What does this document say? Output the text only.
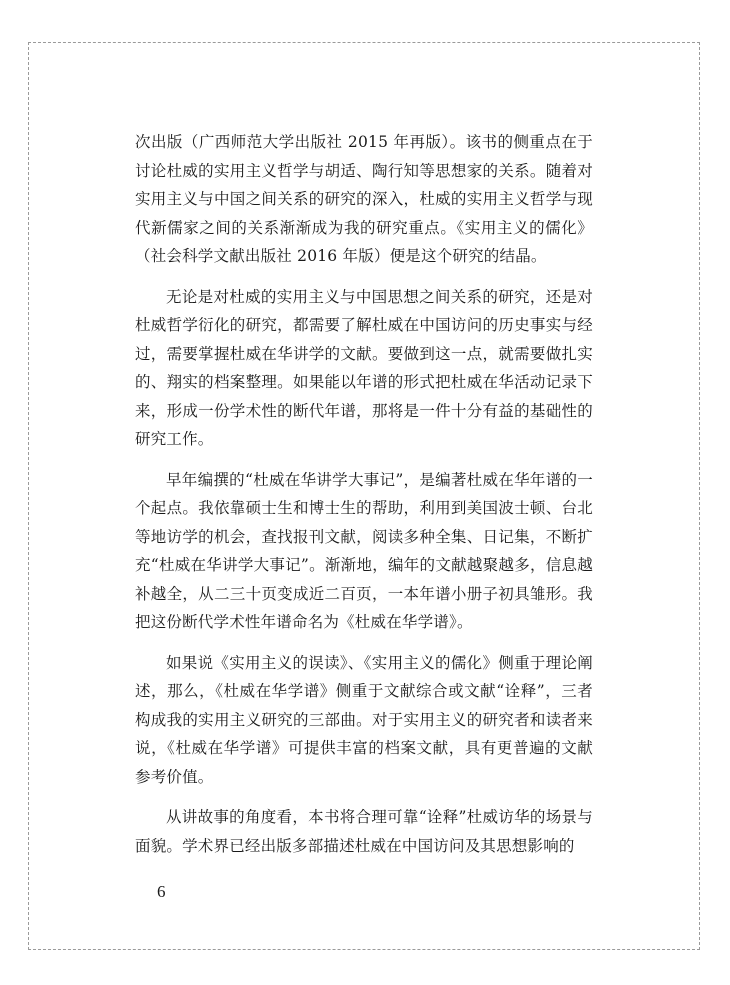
次出版（广西师范大学出版社 2015 年再版）。该书的侧重点在于讨论杜威的实用主义哲学与胡适、陶行知等思想家的关系。随着对实用主义与中国之间关系的研究的深入，杜威的实用主义哲学与现代新儒家之间的关系渐渐成为我的研究重点。《实用主义的儒化》（社会科学文献出版社 2016 年版）便是这个研究的结晶。

无论是对杜威的实用主义与中国思想之间关系的研究，还是对杜威哲学衍化的研究，都需要了解杜威在中国访问的历史事实与经过，需要掌握杜威在华讲学的文献。要做到这一点，就需要做扎实的、翔实的档案整理。如果能以年谱的形式把杜威在华活动记录下来，形成一份学术性的断代年谱，那将是一件十分有益的基础性的研究工作。

早年编撰的“杜威在华讲学大事记”，是编著杜威在华年谱的一个起点。我依靠硕士生和博士生的帮助，利用到美国波士顿、台北等地访学的机会，查找报刊文献，阅读多种全集、日记集，不断扩充“杜威在华讲学大事记”。渐渐地，编年的文献越聚越多，信息越补越全，从二三十页变成近二百页，一本年谱小册子初具雏形。我把这份断代学术性年谱命名为《杜威在华学谱》。

如果说《实用主义的误读》、《实用主义的儒化》侧重于理论阐述，那么，《杜威在华学谱》侧重于文献综合或文献“诠释”，三者构成我的实用主义研究的三部曲。对于实用主义的研究者和读者来说，《杜威在华学谱》可提供丰富的档案文献，具有更普遍的文献参考价值。

从讲故事的角度看，本书将合理可靠“诠释”杜威访华的场景与面貌。学术界已经出版多部描述杜威在中国访问及其思想影响的

6
